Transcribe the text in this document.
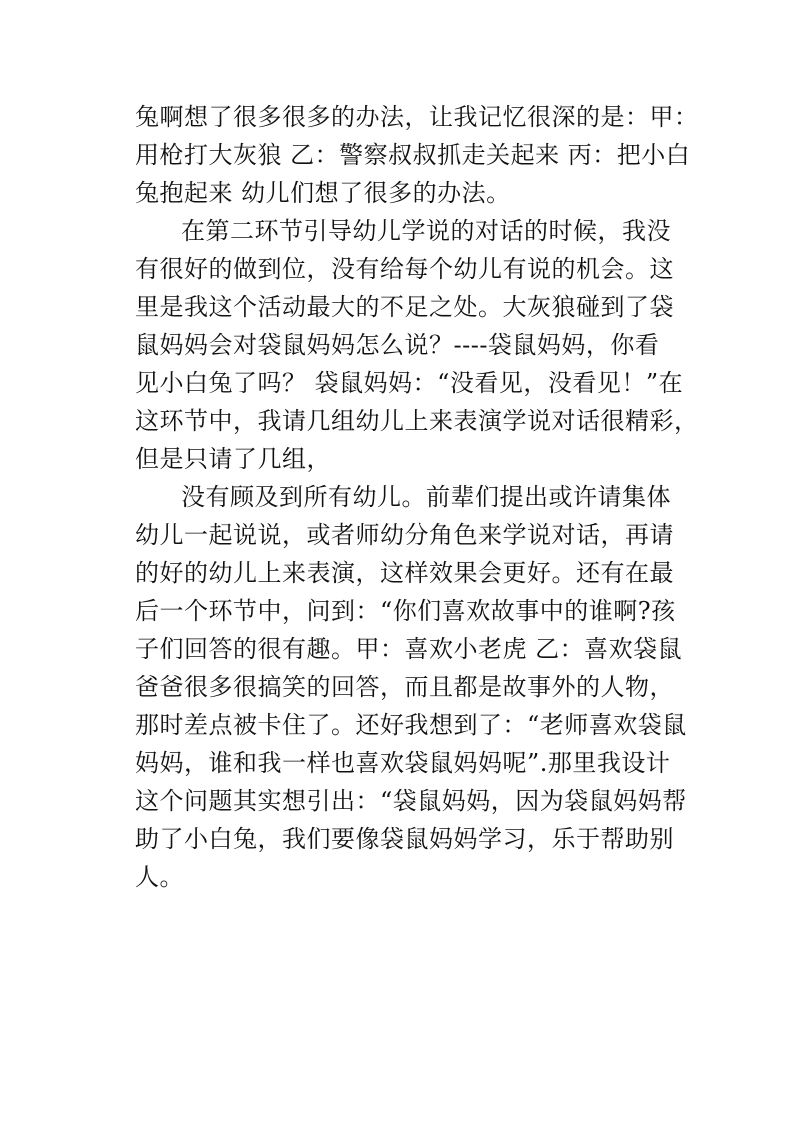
兔啊想了很多很多的办法，让我记忆很深的是：甲：
用枪打大灰狼 乙：警察叔叔抓走关起来 丙：把小白
兔抱起来 幼儿们想了很多的办法。
在第二环节引导幼儿学说的对话的时候，我没
有很好的做到位，没有给每个幼儿有说的机会。这
里是我这个活动最大的不足之处。大灰狼碰到了袋
鼠妈妈会对袋鼠妈妈怎么说？----袋鼠妈妈，你看
见小白兔了吗？ 袋鼠妈妈：“没看见，没看见！”在
这环节中，我请几组幼儿上来表演学说对话很精彩，
但是只请了几组，
没有顾及到所有幼儿。前辈们提出或许请集体
幼儿一起说说，或者师幼分角色来学说对话，再请
的好的幼儿上来表演，这样效果会更好。还有在最
后一个环节中，问到：“你们喜欢故事中的谁啊?孩
子们回答的很有趣。甲：喜欢小老虎 乙：喜欢袋鼠
爸爸很多很搞笑的回答，而且都是故事外的人物，
那时差点被卡住了。还好我想到了：“老师喜欢袋鼠
妈妈，谁和我一样也喜欢袋鼠妈妈呢”.那里我设计
这个问题其实想引出：“袋鼠妈妈，因为袋鼠妈妈帮
助了小白兔，我们要像袋鼠妈妈学习，乐于帮助别
人。
